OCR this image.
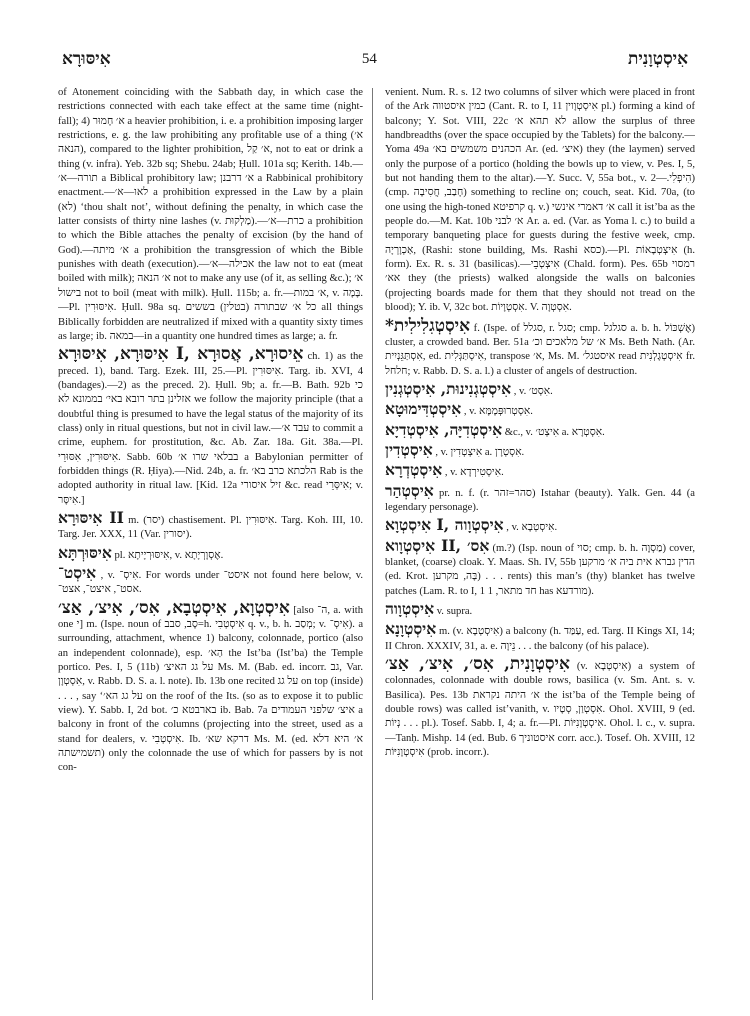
אִיסּוּרָא	54	אִיסְטְוָנִית

of Atonement coinciding with the Sabbath day, in which case the restrictions connected with each take effect at the same time (night-fall); 4) א׳ חָמוּר a heavier prohibition, i. e. a prohibition imposing larger restrictions, e. g. the law prohibiting any profitable use of a thing (א׳ הנאה), compared to the lighter prohibition, א׳ קַל, not to eat or drink a thing (v. infra). Yeb. 32b sq; Shebu. 24ab; Ḥull. 101a sq; Kerith. 14b.—תורה—א׳ a Biblical prohibitory law; א׳ דרבנן a Rabbinical prohibitory enactment.—לאו—א׳ a prohibition expressed in the Law by a plain (לא) ‘thou shalt not’, without defining the penalty, in which case the latter consists of thirty nine lashes (v. מַלְקוּת).—כרת—א׳ a prohibition to which the Bible attaches the penalty of excision (by the hand of God).—א׳ מיתה a prohibition the transgression of which the Bible punishes with death (execution).—אכילה—א׳ the law not to eat (meat boiled with milk); א׳ הנאה not to make any use (of it, as selling &c.); א׳ בישול not to boil (meat with milk). Ḥull. 115b; a. fr.—א׳ במות, v. בָּמָה.—Pl. אִיסּוּרִין. Ḥull. 98a sq. כל א׳ שבתורה (בטלין) בששים all things Biblically forbidden are neutralized if mixed with a quantity sixty times as large; ib. במאה—in a quantity one hundred times as large; a. fr.

אִיסּוּרָא, אִיסּוּרָא I, אֵיסוּרָא, אֲסוּרָא ch. 1) as the preced. 1), band. Targ. Ezek. III, 25.—Pl. אִיסּוּרִין. Targ. ib. XVI, 4 (bandages).—2) as the preced. 2). Ḥull. 9b; a. fr.—B. Bath. 92b כי אזלינן בתר רובא באי׳ בממונא לא we follow the majority principle (that a doubtful thing is presumed to have the legal status of the majority of its class) only in ritual questions, but not in civil law.—עבד א׳ to commit a crime, euphem. for prostitution, &c. Ab. Zar. 18a. Git. 38a.—Pl. אִיסּוּרִין, אִסּוּרֵי. Sabb. 60b בבלאי שרו א׳ a Babylonian permitter of forbidden things (R. Ḥiya).—Nid. 24b, a. fr. הלכתא כרב בא׳ Rab is the adopted authority in ritual law. [Kid. 12a זיל איסורי &c. read אִיסְּרֵי; v. אִיסָּר.]

אִיסּוּרָא II m. (יסר) chastisement. Pl. אִיסּוּרִין. Targ. Koh. III, 10. Targ. Jer. XXX, 11 (Var. יסורין).

אִיסּוּרְתָּא pl. אִיסּוּרְיָיתָא, v. אֶסְוָרְיָתָא.

אִיסְט־ , v. אִיסְ־. For words under איסט־ not found here below, v. אסט־, איצט־, אצט־.

אִיסְטְוָא, אִיסְטְבָא, אִס׳, אִיצ׳, אַצ׳ [also ה־, a. with one י] m. (Ispe. noun of סָב, סבב=h. אִיסְטְבִי q. v., b. h. מְסַב; v. אִיסְ־). a surrounding, attachment, whence 1) balcony, colonnade, portico (also an independent colonnade), esp. הַא׳ the Ist’ba (Ist’ba) the Temple portico. Pes. I, 5 (11b) על גג האיצ׳ Ms. M. (Bab. ed. incorr. גב, Var. אִסְטְוָן, v. Rabb. D. S. a. l. note). Ib. 13b one recited על גג on top (inside) . . . , say ‘על גג הא׳ on the roof of the Its. (so as to expose it to public view). Y. Sabb. I, 2d bot. בארבטא כ׳ ib. Bab. 7a איצ׳ שלפני העמודים a balcony in front of the columns (projecting into the street, used as a stand for dealers, v. אִיסְטְבִי. Ib. דרקא שא׳ Ms. M. (ed. א׳ היא דלא תשמישתה) only the colonnade the use of which for passers by is not con-

venient. Num. R. s. 12 two columns of silver which were placed in front of the Ark כמין איסטווה (Cant. R. to I, 11 אִיסְטְוָוין pl.) forming a kind of balcony; Y. Sot. VIII, 22c לא תהא א׳ allow the surplus of three handbreadths (over the space occupied by the Tablets) for the balcony.—Yoma 49a הכהנים משמשים בא׳ Ar. (ed. איצ׳) they (the laymen) served only the purpose of a portico (holding the bowls up to view, v. Pes. I, 5, but not handing them to the altar).—Y. Succ. V, 55a bot., v. הִיפְלִי.—2) (cmp. חָבַב, חֲסִיבָה) something to recline on; couch, seat. Kid. 70a, (to one using the high-toned קרפיטא q. v.) א׳ דאמרי אינשי call it ist’ba as the people do.—M. Kat. 10b א׳ לבני Ar. a. ed. (Var. as Yoma l. c.) to build a temporary banqueting place for guests during the festive week, cmp. אַכְוָרְיָה, (Rashi: stone building, Ms. Rashi כסא).—Pl. אִיצְטְבָאוֹת (h. form). Ex. R. s. 31 (basilicas).—אִיצְטְבֵי (Chald. form). Pes. 65b רמסוי אא׳ they (the priests) walked alongside the walls on balconies (projecting boards made for them that they should not tread on the blood); Y. ib. V, 32c bot. אִסְטְוָיוֹת. V. אִסְטְוָה.

*אִיסְטְגִלִילִית f. (Ispe. of סגלל, r. סגל; cmp. סגלגל a. b. h. אֶשְׁכּוֹל) cluster, a crowded band. Ber. 51a א׳ של מלאכים וכ׳ Ms. Beth Nath. (Ar. אִסְתַּגֵּנְיִית, ed. אִיסְתַּגְּלִית, transpose א׳, Ms. M. איסטגל׳ read אִיסְטְגָלְנִית fr. חלחל; v. Rabb. D. S. a. l.) a cluster of angels of destruction.

אִיסְטְגְנִינוּת, אִיסְטְגְנִין , v. אִסְט׳.

אִיסְטְדִּימוּטָא , v. אִסְטְרוּפְּמָמָּא.

אִיסְטְדִיָּה, אִיסְטְדִיָא &c., v. אִיצְט׳ a. אִסְטְרָא.

אִיסְטְדִין , v. אִיצְטְדִין a. אִסְטְרָן.

אִיסְטְדְרָא , v. אִיסְטִירְדָא.

אִיסְטְהַר pr. n. f. (r. סהר=זהר) Istahar (beauty). Yalk. Gen. 44 (a legendary personage).

אִיסְטְוָא I, אִיסְטְוָוה , v. אִיסְטְבָא.

אִיסְטְוָוא II, אִס׳ (m.?) (Isp. noun of סוי; cmp. b. h. מַסְוֶה) cover, blanket, (coarse) cloak. Y. Maas. Sh. IV, 55b הדין גברא אית ביה א׳ מרקען (ed. Krot. בָּה, מקרען) . . . rents) this man’s (thy) blanket has twelve patches (Lam. R. to I, 1 חד מתאר, 1 has מורדעא).

אִיסְטְוָוה v. supra.

אִיסְטְוָנָא m. (v. אִיסְטְבָא) a balcony (h. עַמַּד, ed. Targ. II Kings XI, 14; II Chron. XXXIV, 31, a. e. נֵיוָה . . . the balcony (of his palace).

אִיסְטְוָנִית, אִס׳, אִיצ׳, אַצ׳ (v. אִיסְטְבָא) a system of colonnades, colonnade with double rows, basilica (v. Sm. Ant. s. v. Basilica). Pes. 13b א׳ היתה נקראת the ist’ba of the Temple being of double rows) was called ist’vanith, v. אִסְטְוַן, סְטָיו. Ohol. XVIII, 9 (ed. נְיוֹת . . . pl.). Tosef. Sabb. I, 4; a. fr.—Pl. אִיסְטְוָנִיּוֹת. Ohol. l. c., v. supra.—Tanḥ. Mishp. 14 (ed. Bub. 6 איסטוניך corr. acc.). Tosef. Oh. XVIII, 12 אִיסְטְוָנִיּוֹת (prob. incorr.).
